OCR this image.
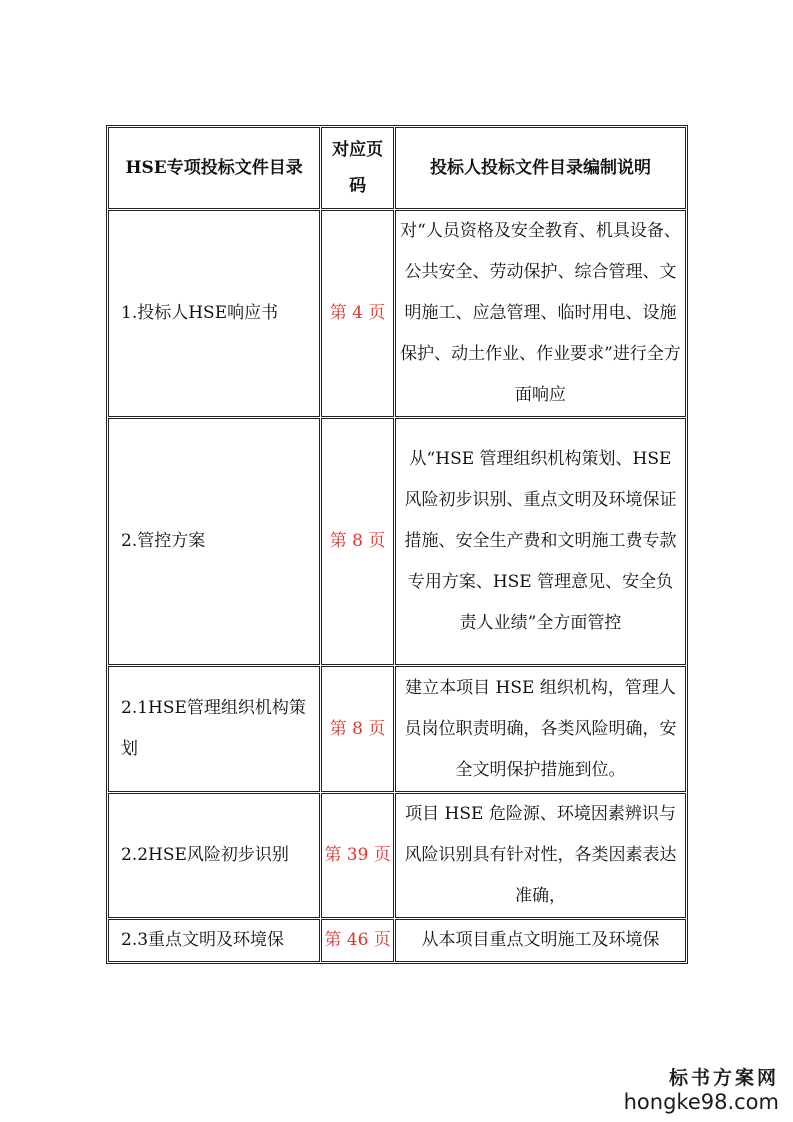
HSE专项投标文件目录	对应页码	投标人投标文件目录编制说明
1.投标人HSE响应书	第 4 页	对“人员资格及安全教育、机具设备、公共安全、劳动保护、综合管理、文明施工、应急管理、临时用电、设施保护、动土作业、作业要求”进行全方面响应
2.管控方案	第 8 页	从“HSE 管理组织机构策划、HSE 风险初步识别、重点文明及环境保证措施、安全生产费和文明施工费专款专用方案、HSE 管理意见、安全负责人业绩”全方面管控
2.1HSE管理组织机构策划	第 8 页	建立本项目 HSE 组织机构，管理人员岗位职责明确，各类风险明确，安全文明保护措施到位。
2.2HSE风险初步识别	第 39 页	项目 HSE 危险源、环境因素辨识与风险识别具有针对性，各类因素表达准确，
2.3重点文明及环境保	第 46 页	从本项目重点文明施工及环境保
标书方案网
hongke98.com
